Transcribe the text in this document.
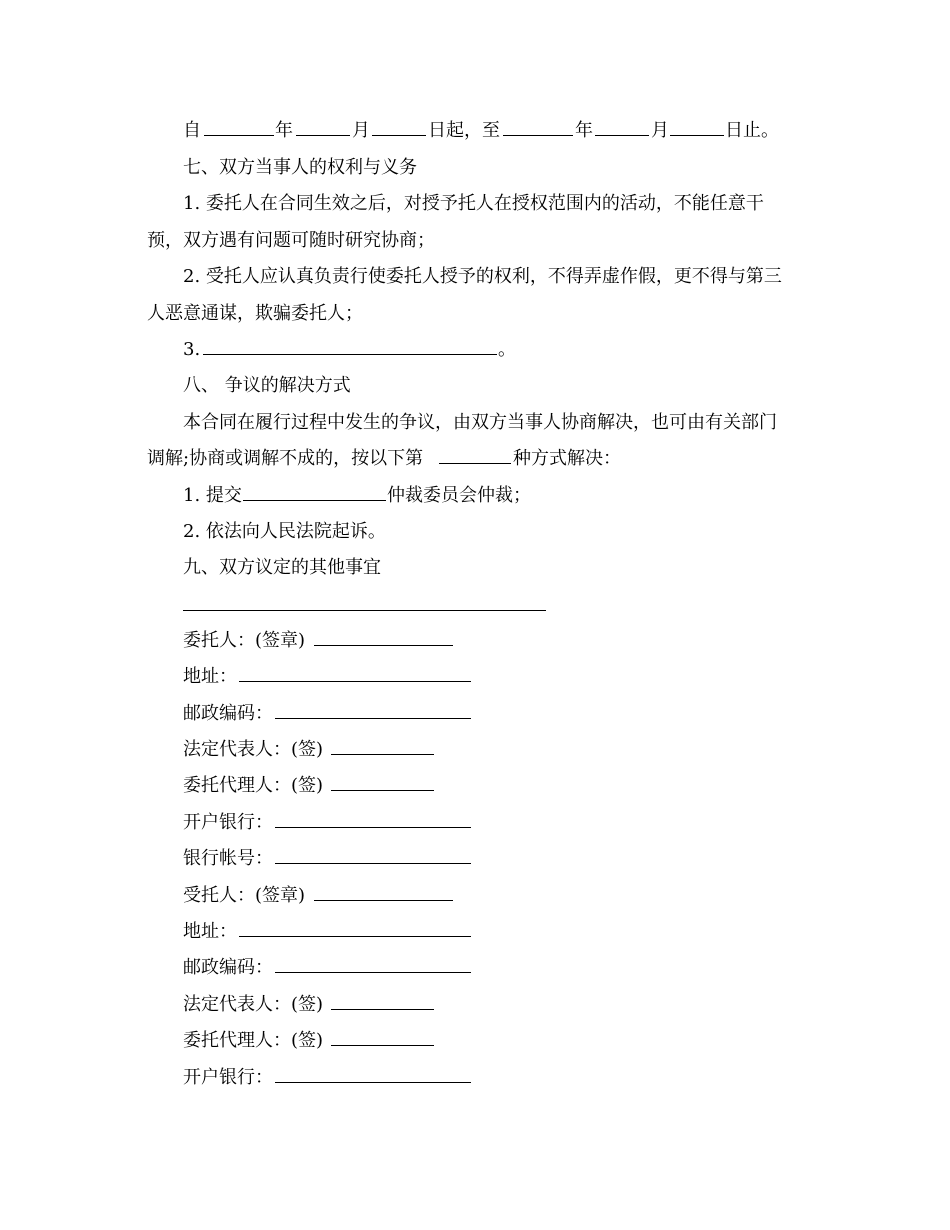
自	年	月	日起，至	年	月	日止。
七、双方当事人的权利与义务
1. 委托人在合同生效之后，对授予托人在授权范围内的活动，不能任意干
预，双方遇有问题可随时研究协商；
2. 受托人应认真负责行使委托人授予的权利，不得弄虚作假，更不得与第三
人恶意通谋，欺骗委托人；
3.	。
八、 争议的解决方式
本合同在履行过程中发生的争议，由双方当事人协商解决，也可由有关部门
调解;协商或调解不成的，按以下第	种方式解决：
1. 提交	仲裁委员会仲裁；
2. 依法向人民法院起诉。
九、双方议定的其他事宜
委托人：(签章)
地址：
邮政编码：
法定代表人：(签)
委托代理人：(签)
开户银行：
银行帐号：
受托人：(签章)
地址：
邮政编码：
法定代表人：(签)
委托代理人：(签)
开户银行：
